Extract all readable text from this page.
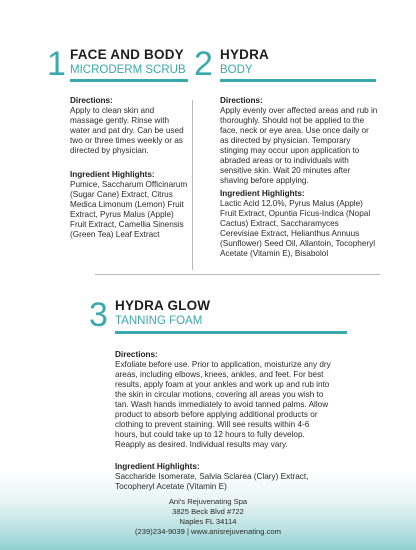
1 FACE AND BODY
MICRODERM SCRUB
Directions:
Apply to clean skin and massage gently. Rinse with water and pat dry. Can be used two or three times weekly or as directed by physician.
Ingredient Highlights:
Pumice, Saccharum Officinarum (Sugar Cane) Extract, Citrus Medica Limonum (Lemon) Fruit Extract, Pyrus Malus (Apple) Fruit Extract, Camellia Sinensis (Green Tea) Leaf Extract
2 HYDRA
BODY
Directions:
Apply evenly over affected areas and rub in thoroughly. Should not be applied to the face, neck or eye area. Use once daily or as directed by physician. Temporary stinging may occur upon application to abraded areas or to individuals with sensitive skin. Wait 20 minutes after shaving before applying.
Ingredient Highlights:
Lactic Acid 12.0%, Pyrus Malus (Apple) Fruit Extract, Opuntia Ficus-Indica (Nopal Cactus) Extract, Saccharamyces Cerevisiae Extract, Helianthus Annuus (Sunflower) Seed Oil, Allantoin, Tocopheryl Acetate (Vitamin E), Bisabolol
3 HYDRA GLOW
TANNING FOAM
Directions:
Exfoliate before use. Prior to application, moisturize any dry areas, including elbows, knees, ankles, and feet. For best results, apply foam at your ankles and work up and rub into the skin in circular motions, covering all areas you wish to tan. Wash hands immediately to avoid tanned palms. Allow product to absorb before applying additional products or clothing to prevent staining. Will see results within 4-6 hours, but could take up to 12 hours to fully develop. Reapply as desired. Individual results may vary.
Ingredient Highlights:
Saccharide Isomerate, Salvia Sclarea (Clary) Extract, Tocopheryl Acetate (Vitamin E)
Ani's Rejuvenating Spa
3825 Beck Blvd #722
Naples FL 34114
(239)234-9039 | www.anisrejuvenating.com
